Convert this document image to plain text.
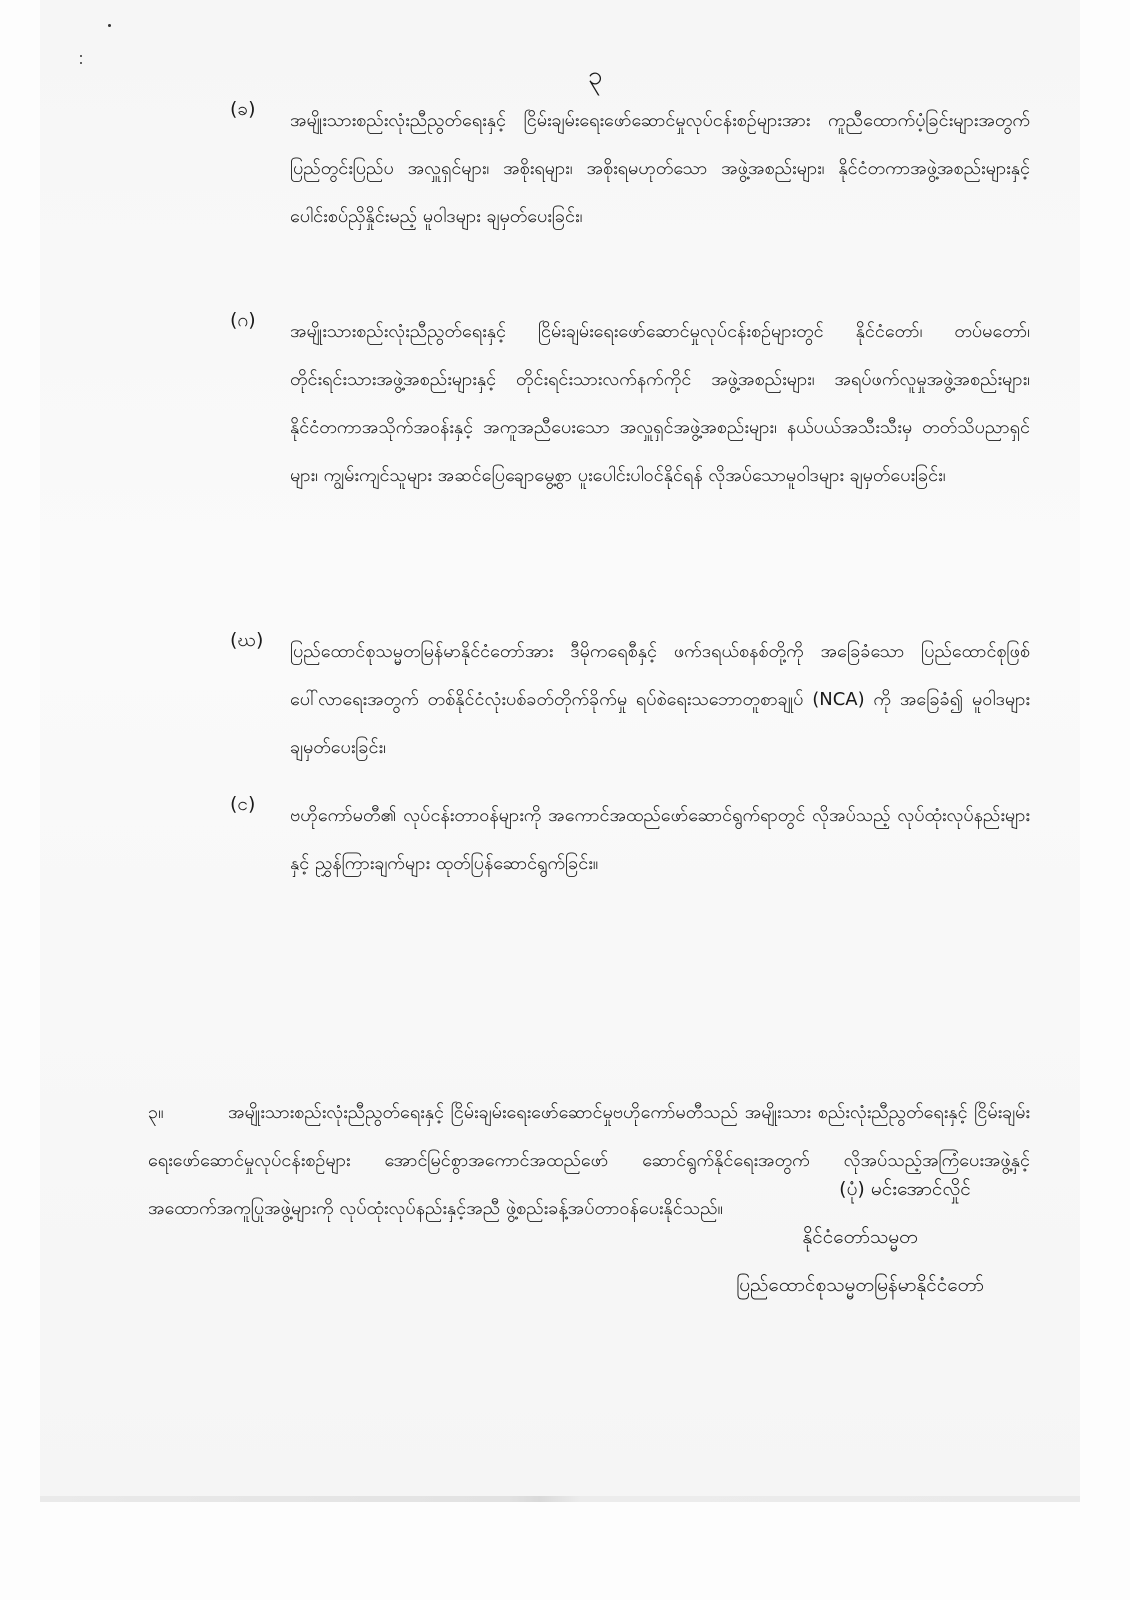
၃
(ခ)
အမျိုးသားစည်းလုံးညီညွတ်ရေးနှင့် ငြိမ်းချမ်းရေးဖော်ဆောင်မှုလုပ်ငန်းစဉ်များအား ကူညီထောက်ပံ့ခြင်းများအတွက် ပြည်တွင်းပြည်ပ အလှူရှင်များ၊ အစိုးရများ၊ အစိုးရမဟုတ်သော အဖွဲ့အစည်းများ၊ နိုင်ငံတကာအဖွဲ့အစည်းများနှင့် ပေါင်းစပ်ညှိနှိုင်းမည့် မူဝါဒများ ချမှတ်ပေးခြင်း၊
(ဂ)
အမျိုးသားစည်းလုံးညီညွတ်ရေးနှင့် ငြိမ်းချမ်းရေးဖော်ဆောင်မှုလုပ်ငန်းစဉ်များတွင် နိုင်ငံတော်၊ တပ်မတော်၊ တိုင်းရင်းသားအဖွဲ့အစည်းများနှင့် တိုင်းရင်းသားလက်နက်ကိုင် အဖွဲ့အစည်းများ၊ အရပ်ဖက်လူမှုအဖွဲ့အစည်းများ၊ နိုင်ငံတကာအသိုက်အဝန်းနှင့် အကူအညီပေးသော အလှူရှင်အဖွဲ့အစည်းများ၊ နယ်ပယ်အသီးသီးမှ တတ်သိပညာရှင်များ၊ ကျွမ်းကျင်သူများ အဆင်ပြေချောမွေ့စွာ ပူးပေါင်းပါဝင်နိုင်ရန် လိုအပ်သောမူဝါဒများ ချမှတ်ပေးခြင်း၊
(ဃ)
ပြည်ထောင်စုသမ္မတမြန်မာနိုင်ငံတော်အား ဒီမိုကရေစီနှင့် ဖက်ဒရယ်စနစ်တို့ကို အခြေခံသော ပြည်ထောင်စုဖြစ်ပေါ်လာရေးအတွက် တစ်နိုင်ငံလုံးပစ်ခတ်တိုက်ခိုက်မှု ရပ်စဲရေးသဘောတူစာချုပ် (NCA) ကို အခြေခံ၍ မူဝါဒများချမှတ်ပေးခြင်း၊
(င)
ဗဟိုကော်မတီ၏ လုပ်ငန်းတာဝန်များကို အကောင်အထည်ဖော်ဆောင်ရွက်ရာတွင် လိုအပ်သည့် လုပ်ထုံးလုပ်နည်းများနှင့် ညွှန်ကြားချက်များ ထုတ်ပြန်ဆောင်ရွက်ခြင်း။
၃။	အမျိုးသားစည်းလုံးညီညွတ်ရေးနှင့် ငြိမ်းချမ်းရေးဖော်ဆောင်မှုဗဟိုကော်မတီသည် အမျိုးသား စည်းလုံးညီညွတ်ရေးနှင့် ငြိမ်းချမ်းရေးဖော်ဆောင်မှုလုပ်ငန်းစဉ်များ အောင်မြင်စွာအကောင်အထည်ဖော် ဆောင်ရွက်နိုင်ရေးအတွက် လိုအပ်သည့်အကြံပေးအဖွဲ့နှင့် အထောက်အကူပြုအဖွဲ့များကို လုပ်ထုံးလုပ်နည်းနှင့်အညီ ဖွဲ့စည်းခန့်အပ်တာဝန်ပေးနိုင်သည်။
(ပုံ) မင်းအောင်လှိုင်
နိုင်ငံတော်သမ္မတ
ပြည်ထောင်စုသမ္မတမြန်မာနိုင်ငံတော်
